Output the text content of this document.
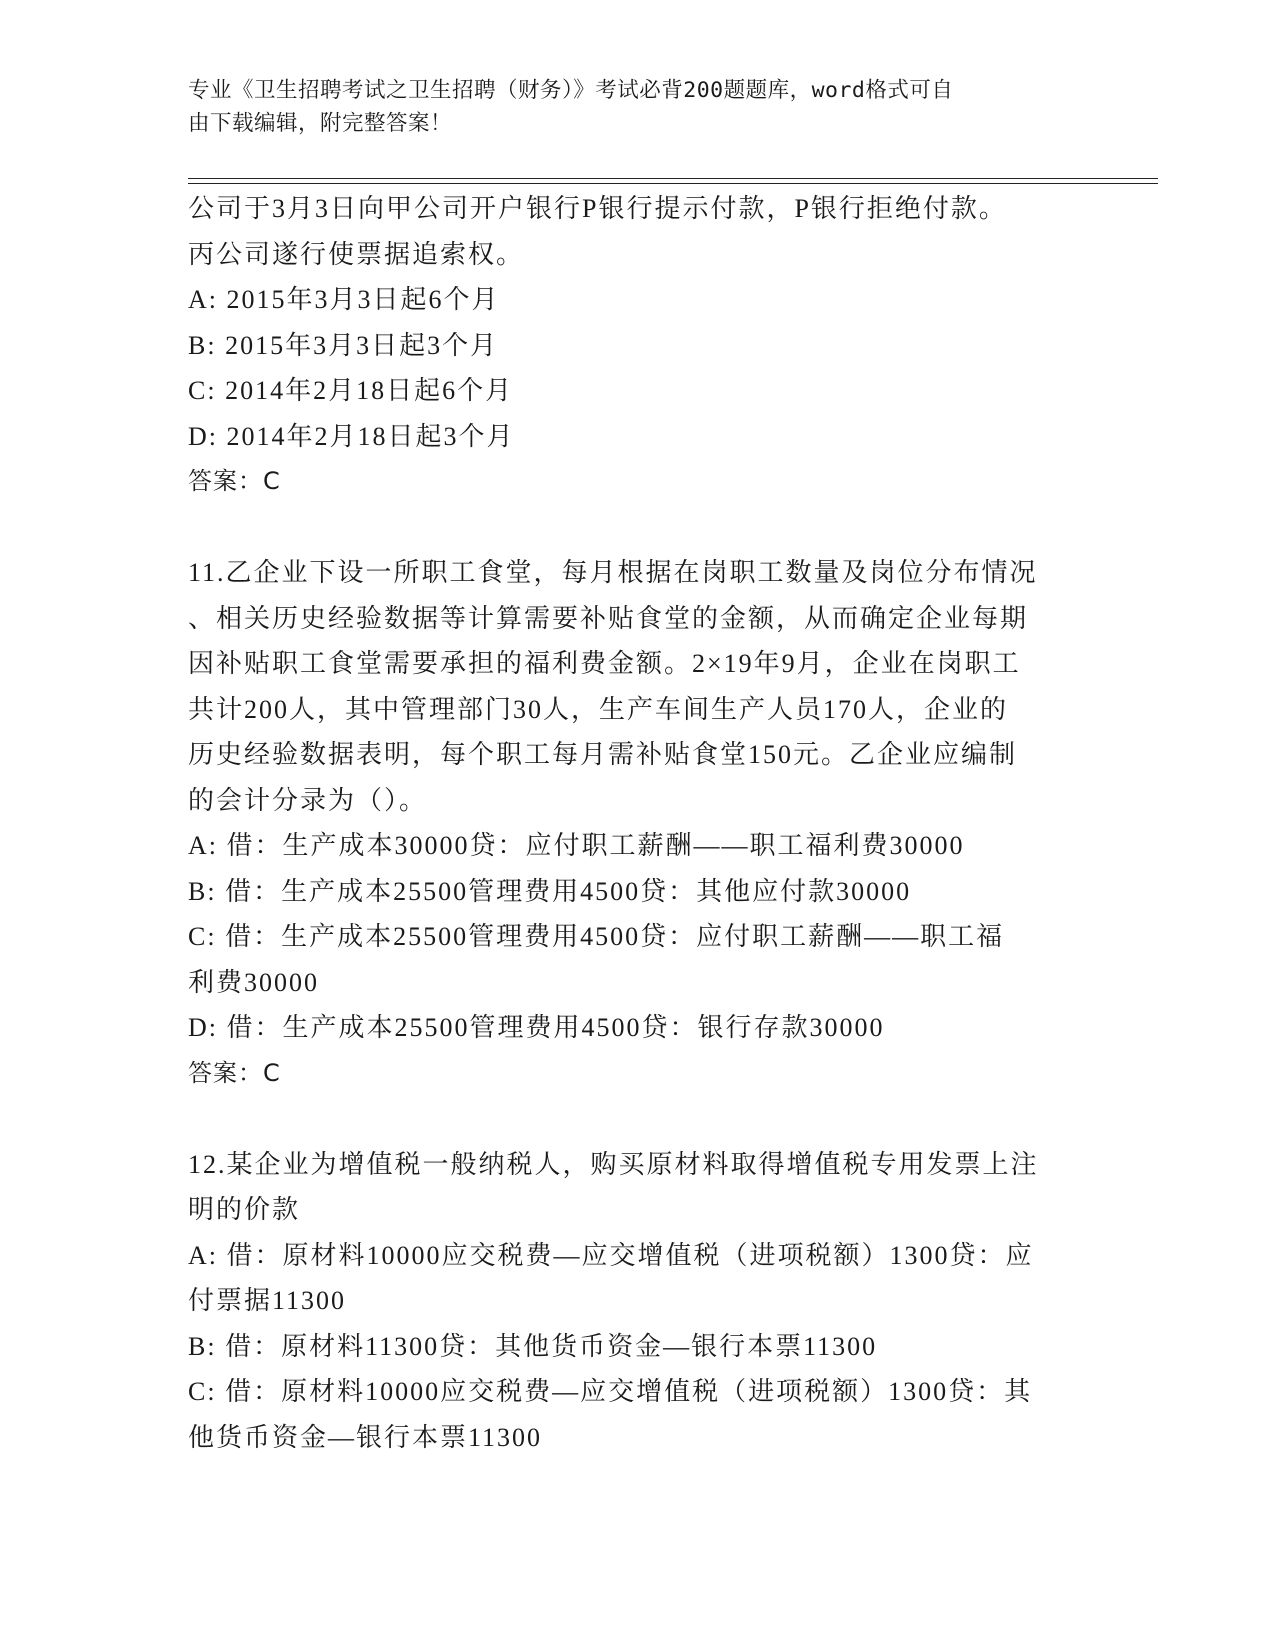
专业《卫生招聘考试之卫生招聘（财务）》考试必背200题题库，word格式可自
由下载编辑，附完整答案！
公司于3月3日向甲公司开户银行P银行提示付款，P银行拒绝付款。
丙公司遂行使票据追索权。
A: 2015年3月3日起6个月
B: 2015年3月3日起3个月
C: 2014年2月18日起6个月
D: 2014年2月18日起3个月
答案：C
11.乙企业下设一所职工食堂，每月根据在岗职工数量及岗位分布情况
、相关历史经验数据等计算需要补贴食堂的金额，从而确定企业每期
因补贴职工食堂需要承担的福利费金额。2×19年9月，企业在岗职工
共计200人，其中管理部门30人，生产车间生产人员170人，企业的
历史经验数据表明，每个职工每月需补贴食堂150元。乙企业应编制
的会计分录为（）。
A: 借：生产成本30000贷：应付职工薪酬——职工福利费30000
B: 借：生产成本25500管理费用4500贷：其他应付款30000
C: 借：生产成本25500管理费用4500贷：应付职工薪酬——职工福
利费30000
D: 借：生产成本25500管理费用4500贷：银行存款30000
答案：C
12.某企业为增值税一般纳税人，购买原材料取得增值税专用发票上注
明的价款
A: 借：原材料10000应交税费—应交增值税（进项税额）1300贷：应
付票据11300
B: 借：原材料11300贷：其他货币资金—银行本票11300
C: 借：原材料10000应交税费—应交增值税（进项税额）1300贷：其
他货币资金—银行本票11300
